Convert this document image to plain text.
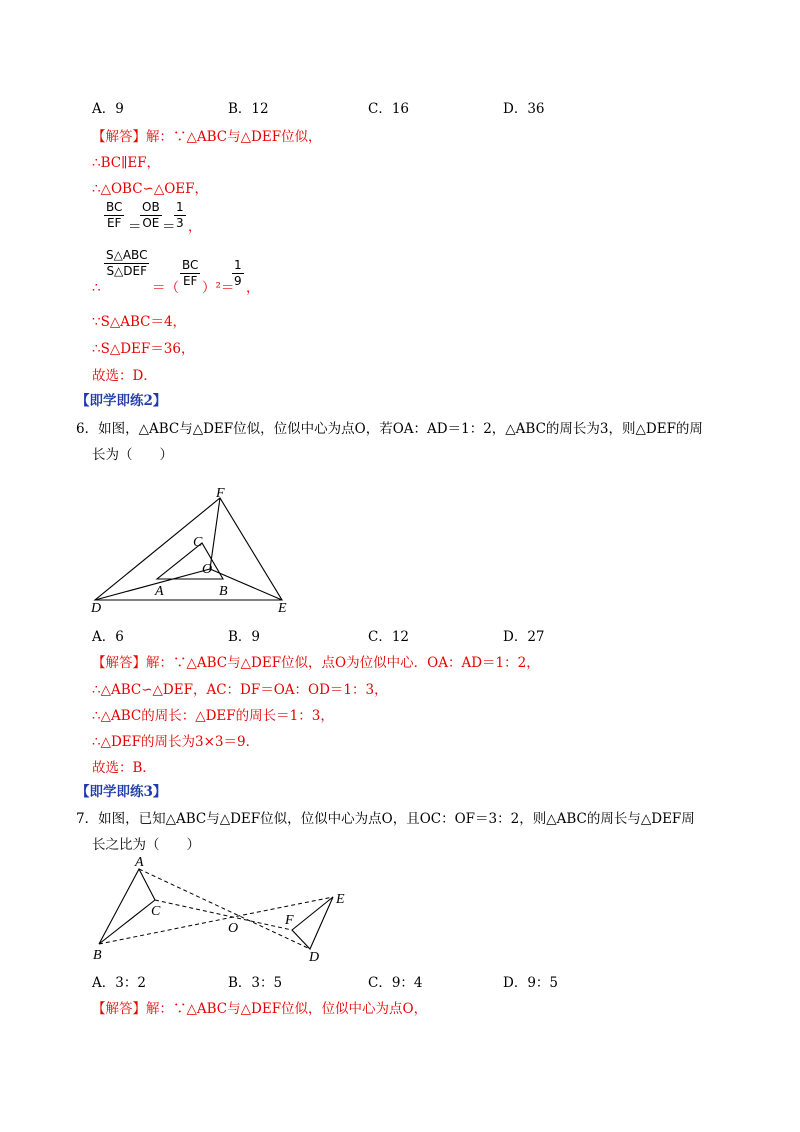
A．9	B．12	C．16	D．36
【解答】解：∵△ABC与△DEF位似，
∴BC∥EF，
∴△OBC∽△OEF，
$\frac{BC}{EF}$ ＝
$\frac{OB}{OE}$ ＝
$\frac{1}{3}$ ，
S△ABC
S△DEF
∴	＝（ $\frac{BC}{EF} )^2=$
$\frac{1}{9}$ ，
∵S△ABC＝4，
∴S△DEF＝36，
故选：D．
【即学即练2】
6．如图，△ABC与△DEF位似，位似中心为点O，若OA：AD＝1：2，△ABC的周长为3，则△DEF的周
长为（　　）
F
C
O
A	B
D	E
A．6	B．9	C．12	D．27
【解答】解：∵△ABC与△DEF位似，点O为位似中心．OA：AD＝1：2，
∴△ABC∽△DEF，AC：DF＝OA：OD＝1：3，
∴△ABC的周长：△DEF的周长＝1：3，
∴△DEF的周长为3×3＝9．
故选：B．
【即学即练3】
7．如图，已知△ABC与△DEF位似，位似中心为点O，且OC：OF＝3：2，则△ABC的周长与△DEF周
长之比为（　　）
A
C
B
O
E
F
D
A．3：2	B．3：5	C．9：4	D．9：5
【解答】解：∵△ABC与△DEF位似，位似中心为点O，
